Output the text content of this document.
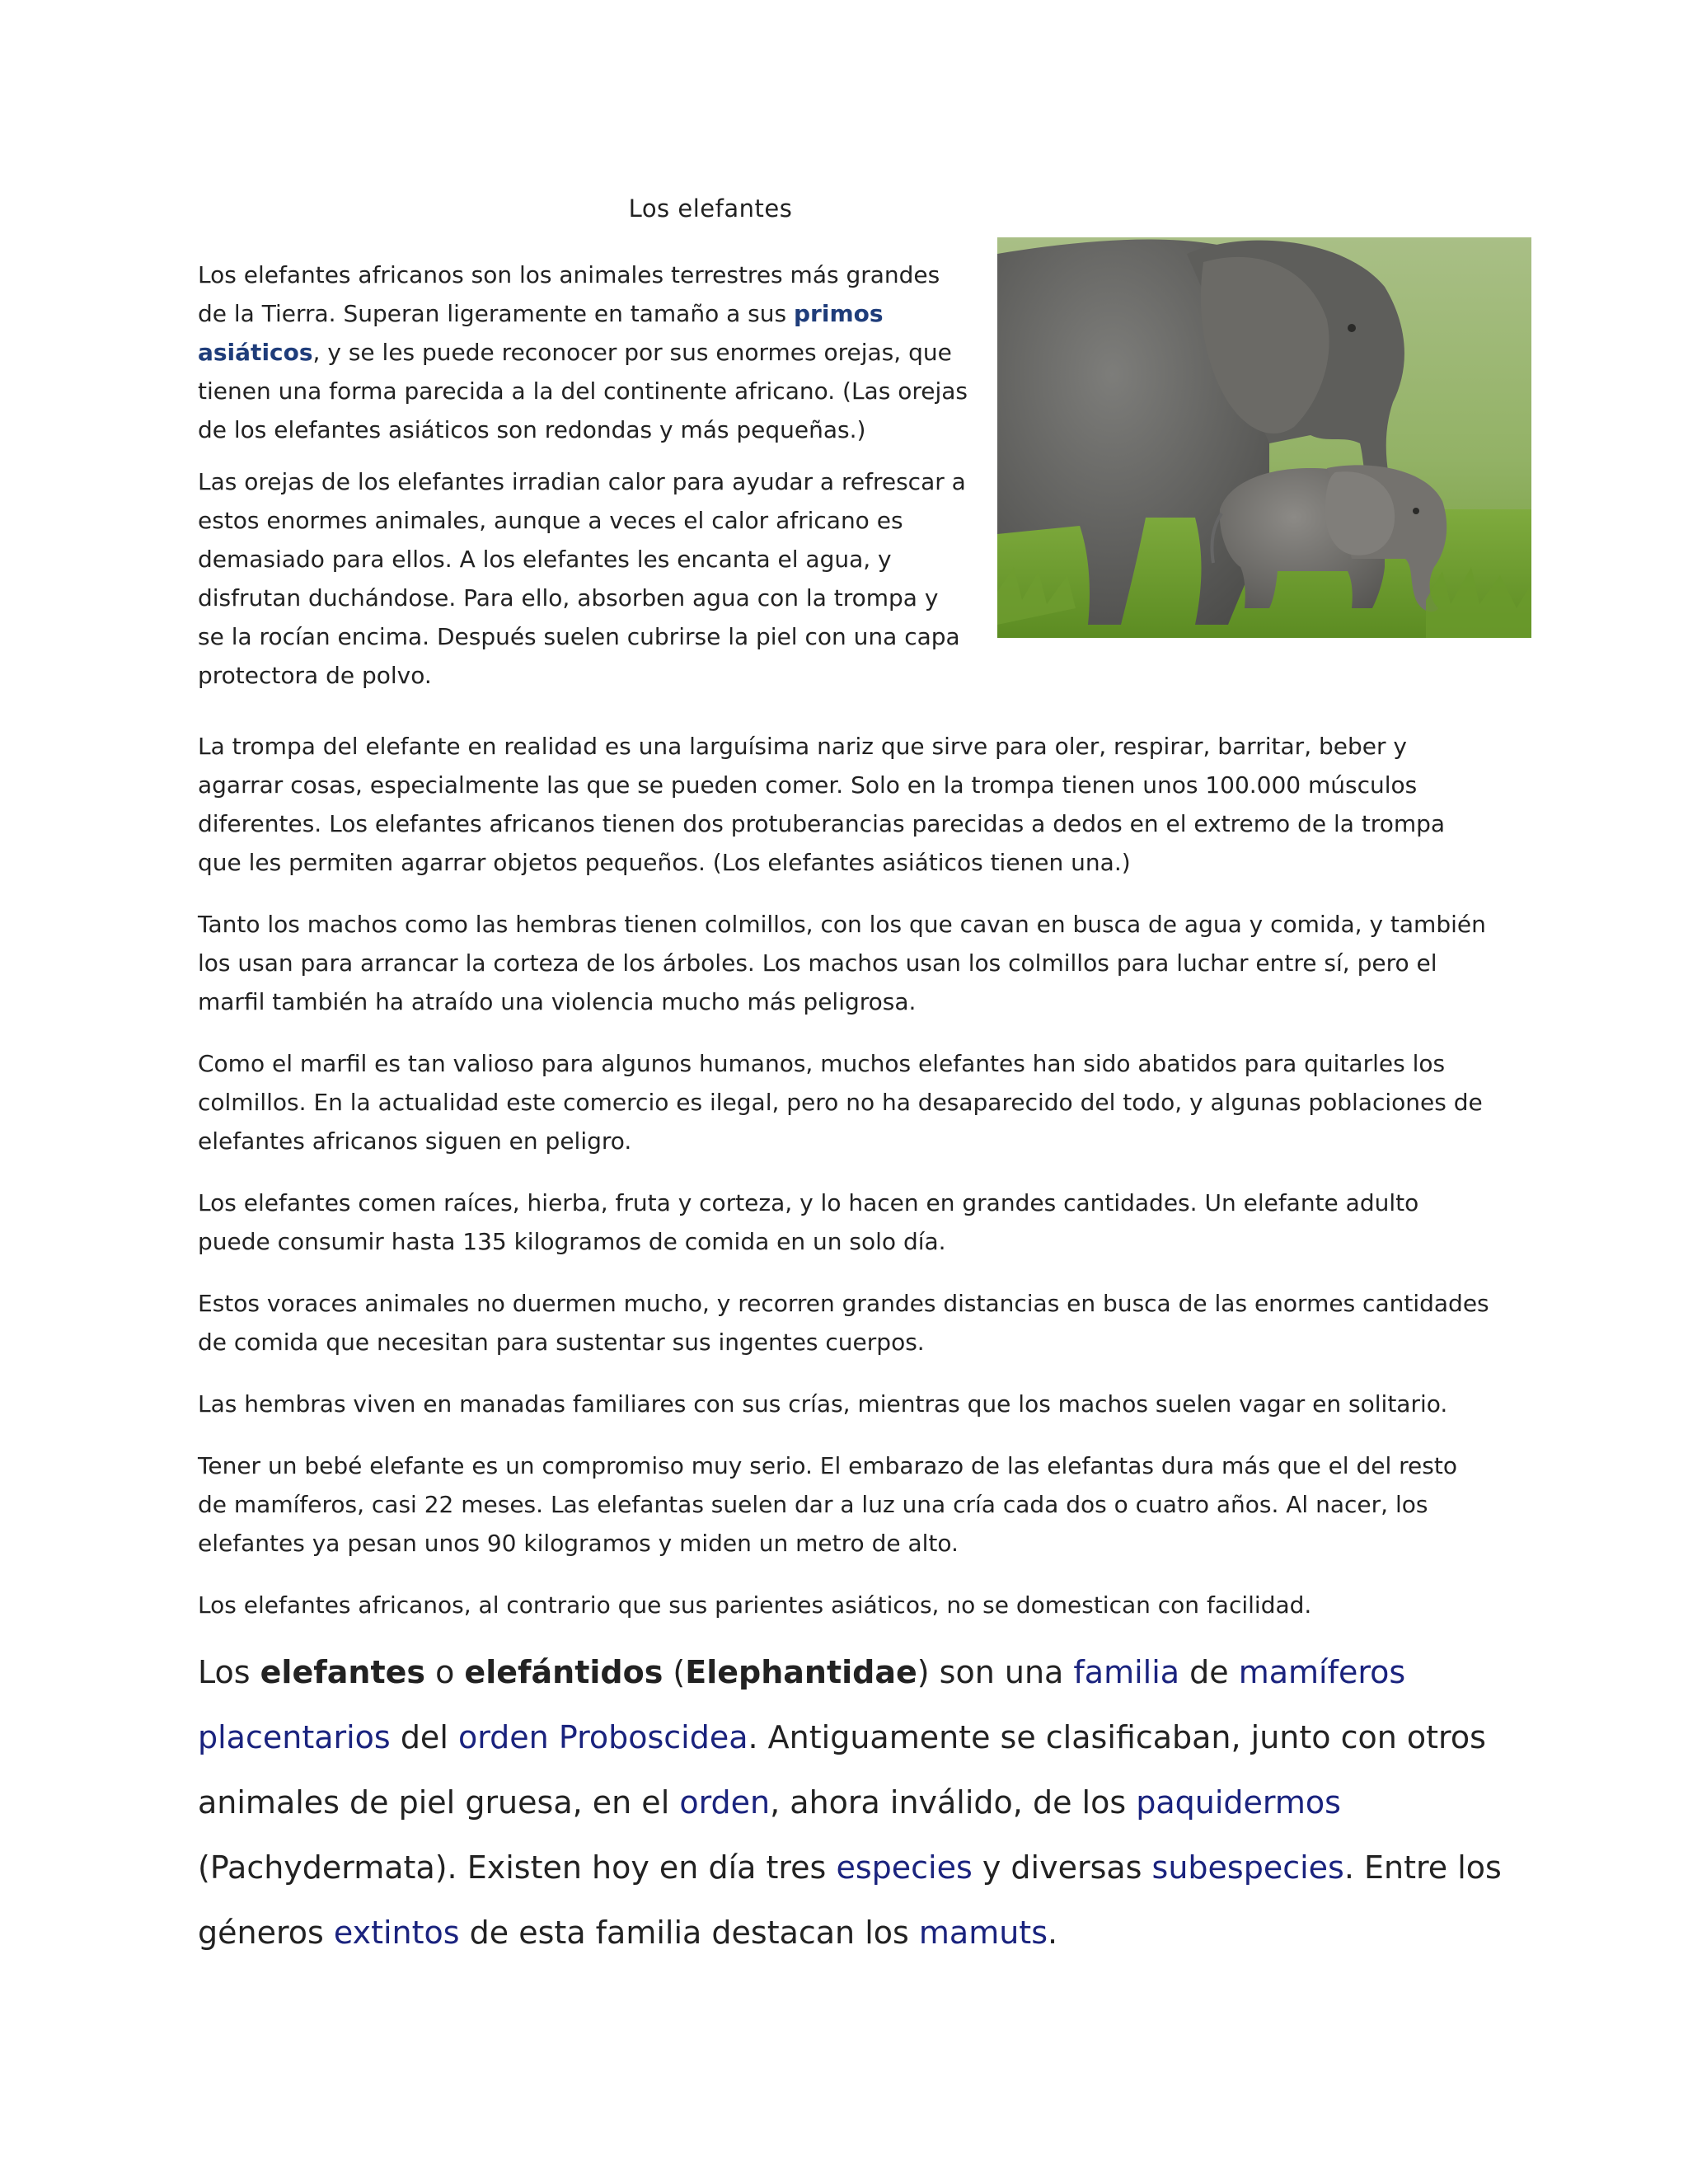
Los elefantes

Los elefantes africanos son los animales terrestres más grandes de la Tierra. Superan ligeramente en tamaño a sus primos asiáticos, y se les puede reconocer por sus enormes orejas, que tienen una forma parecida a la del continente africano. (Las orejas de los elefantes asiáticos son redondas y más pequeñas.)

Las orejas de los elefantes irradian calor para ayudar a refrescar a estos enormes animales, aunque a veces el calor africano es demasiado para ellos. A los elefantes les encanta el agua, y disfrutan duchándose. Para ello, absorben agua con la trompa y se la rocían encima. Después suelen cubrirse la piel con una capa protectora de polvo.

La trompa del elefante en realidad es una larguísima nariz que sirve para oler, respirar, barritar, beber y agarrar cosas, especialmente las que se pueden comer. Solo en la trompa tienen unos 100.000 músculos diferentes. Los elefantes africanos tienen dos protuberancias parecidas a dedos en el extremo de la trompa que les permiten agarrar objetos pequeños. (Los elefantes asiáticos tienen una.)

Tanto los machos como las hembras tienen colmillos, con los que cavan en busca de agua y comida, y también los usan para arrancar la corteza de los árboles. Los machos usan los colmillos para luchar entre sí, pero el marfil también ha atraído una violencia mucho más peligrosa.

Como el marfil es tan valioso para algunos humanos, muchos elefantes han sido abatidos para quitarles los colmillos. En la actualidad este comercio es ilegal, pero no ha desaparecido del todo, y algunas poblaciones de elefantes africanos siguen en peligro.

Los elefantes comen raíces, hierba, fruta y corteza, y lo hacen en grandes cantidades. Un elefante adulto puede consumir hasta 135 kilogramos de comida en un solo día.

Estos voraces animales no duermen mucho, y recorren grandes distancias en busca de las enormes cantidades de comida que necesitan para sustentar sus ingentes cuerpos.

Las hembras viven en manadas familiares con sus crías, mientras que los machos suelen vagar en solitario.

Tener un bebé elefante es un compromiso muy serio. El embarazo de las elefantas dura más que el del resto de mamíferos, casi 22 meses. Las elefantas suelen dar a luz una cría cada dos o cuatro años. Al nacer, los elefantes ya pesan unos 90 kilogramos y miden un metro de alto.

Los elefantes africanos, al contrario que sus parientes asiáticos, no se domestican con facilidad.

Los elefantes o elefántidos (Elephantidae) son una familia de mamíferos placentarios del orden Proboscidea. Antiguamente se clasificaban, junto con otros animales de piel gruesa, en el orden, ahora inválido, de los paquidermos (Pachydermata). Existen hoy en día tres especies y diversas subespecies. Entre los géneros extintos de esta familia destacan los mamuts.
